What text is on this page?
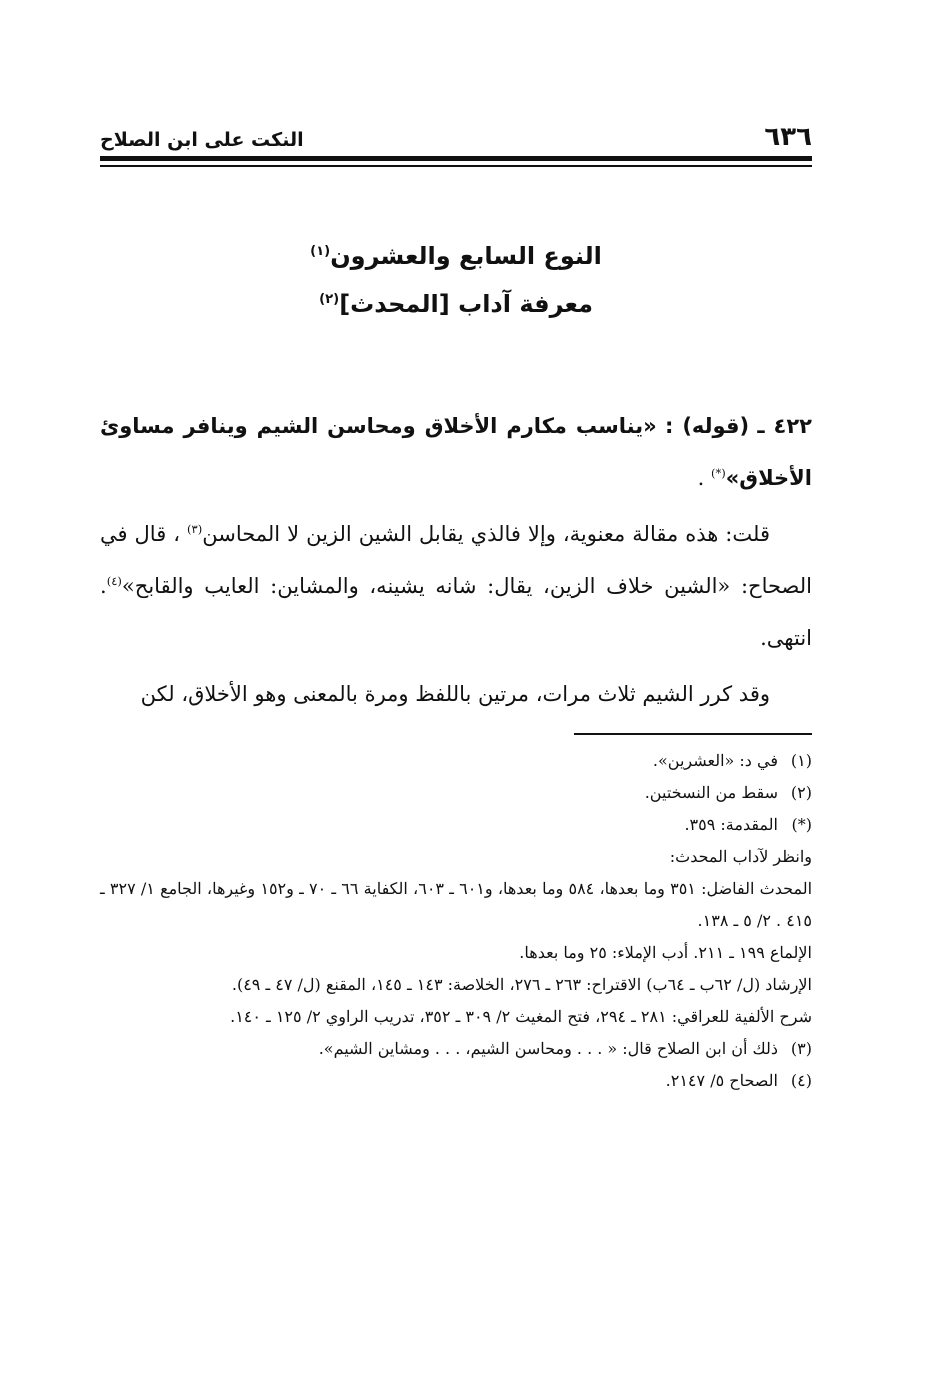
٦٣٦
النكت على ابن الصلاح
النوع السابع والعشرون$^{(١)}$
معرفة آداب [المحدث]$^{(٢)}$

٤٢٢ ـ (قوله) : «يناسب مكارم الأخلاق ومحاسن الشيم وينافر مساوئ الأخلاق»(*) .

قلت: هذه مقالة معنوية، وإلا فالذي يقابل الشين الزين لا المحاسن$^{(٣)}$ ، قال في الصحاح: «الشين خلاف الزين، يقال: شانه يشينه، والمشاين: العايب والقابح»$^{(٤)}$. انتهى.

وقد كرر الشيم ثلاث مرات، مرتين باللفظ ومرة بالمعنى وهو الأخلاق، لكن

(١)في د: «العشرين».

(٢)سقط من النسختين.

(*)المقدمة: ٣٥٩.

وانظر لآداب المحدث:

المحدث الفاضل: ٣٥١ وما بعدها، ٥٨٤ وما بعدها، و٦٠١ ـ ٦٠٣، الكفاية ٦٦ ـ ٧٠ ـ و١٥٢ وغيرها، الجامع ١/ ٣٢٧ ـ ٤١٥ . ٢/ ٥ ـ ١٣٨.

الإلماع ١٩٩ ـ ٢١١. أدب الإملاء: ٢٥ وما بعدها.

الإرشاد (ل/ ٦٢ب ـ ٦٤ب) الاقتراح: ٢٦٣ ـ ٢٧٦، الخلاصة: ١٤٣ ـ ١٤٥، المقنع (ل/ ٤٧ ـ ٤٩).

شرح الألفية للعراقي: ٢٨١ ـ ٢٩٤، فتح المغيث ٢/ ٣٠٩ ـ ٣٥٢، تدريب الراوي ٢/ ١٢٥ ـ ١٤٠.

(٣)ذلك أن ابن الصلاح قال: « . . . ومحاسن الشيم، . . . ومشاين الشيم».

(٤)الصحاح ٥/ ٢١٤٧.
